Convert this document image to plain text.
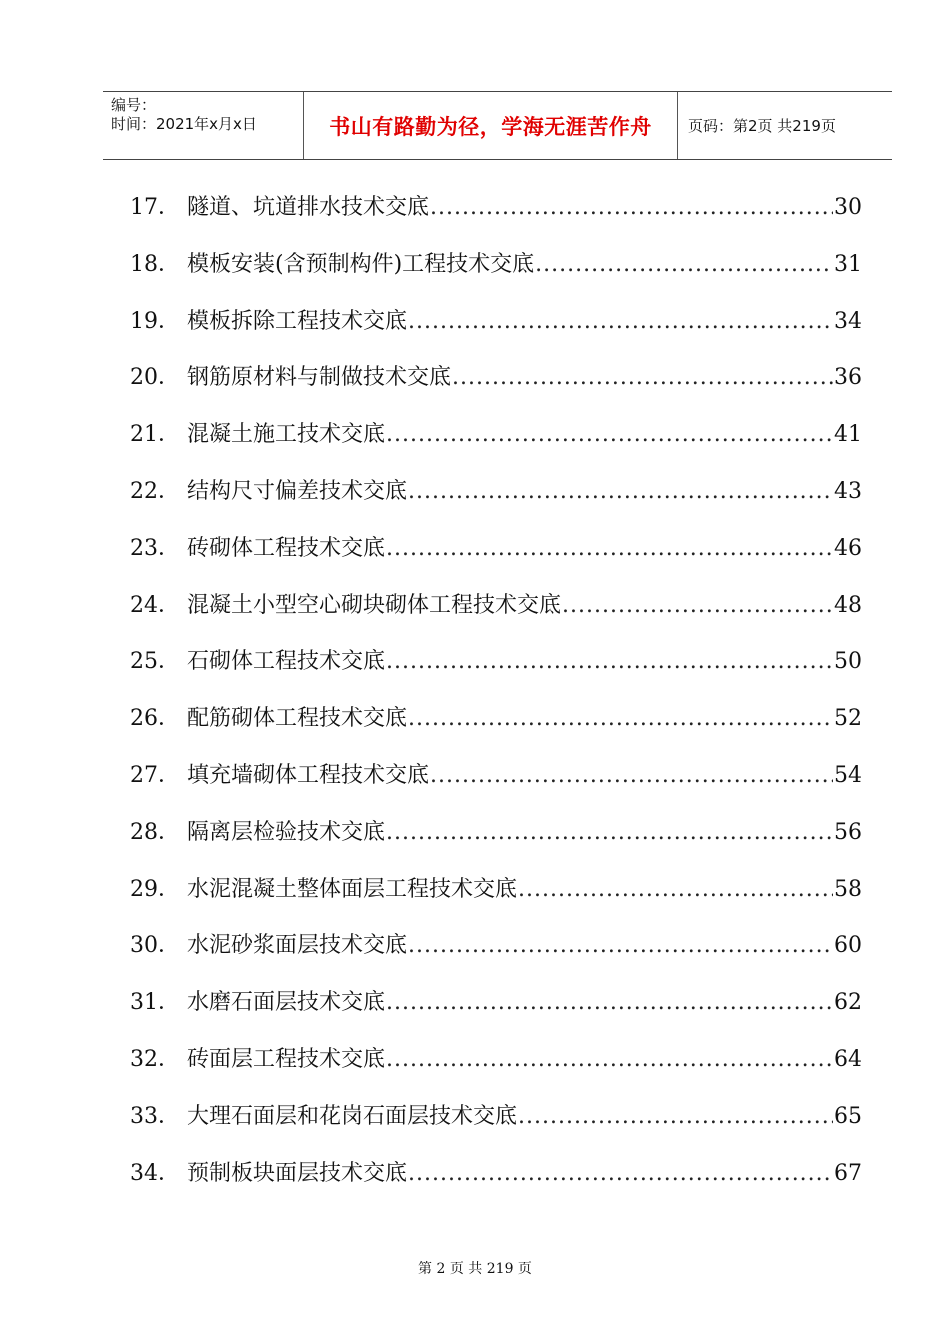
编号：
时间：2021年x月x日	书山有路勤为径，学海无涯苦作舟	页码：第2页 共219页
17． 隧道、坑道排水技术交底 .....	30
18． 模板安装(含预制构件)工程技术交底 .....	31
19． 模板拆除工程技术交底 .....	34
20． 钢筋原材料与制做技术交底 .....	36
21． 混凝土施工技术交底 .....	41
22． 结构尺寸偏差技术交底 .....	43
23． 砖砌体工程技术交底 .....	46
24． 混凝土小型空心砌块砌体工程技术交底 .....	48
25． 石砌体工程技术交底 .....	50
26． 配筋砌体工程技术交底 .....	52
27． 填充墙砌体工程技术交底 .....	54
28． 隔离层检验技术交底 .....	56
29． 水泥混凝土整体面层工程技术交底 .....	58
30． 水泥砂浆面层技术交底 .....	60
31． 水磨石面层技术交底 .....	62
32． 砖面层工程技术交底 .....	64
33． 大理石面层和花岗石面层技术交底 .....	65
34． 预制板块面层技术交底 .....	67
第 2 页 共 219 页
